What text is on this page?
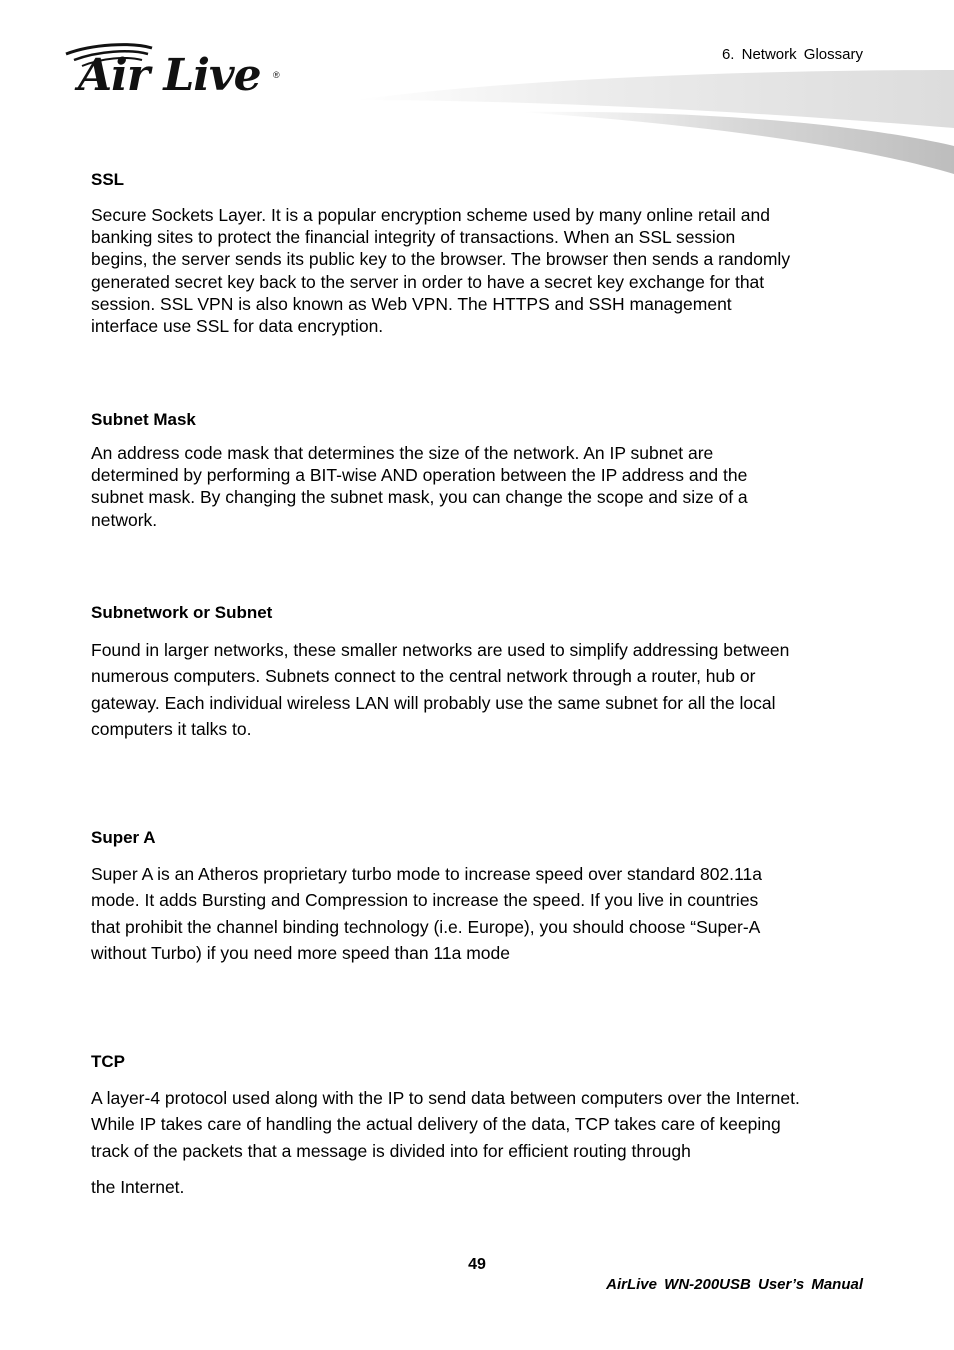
Air Live ®
6. Network Glossary
SSL

Secure Sockets Layer. It is a popular encryption scheme used by many online retail and
banking sites to protect the financial integrity of transactions. When an SSL session
begins, the server sends its public key to the browser. The browser then sends a randomly
generated secret key back to the server in order to have a secret key exchange for that
session. SSL VPN is also known as Web VPN. The HTTPS and SSH management
interface use SSL for data encryption.

Subnet Mask

An address code mask that determines the size of the network. An IP subnet are
determined by performing a BIT-wise AND operation between the IP address and the
subnet mask. By changing the subnet mask, you can change the scope and size of a
network.

Subnetwork or Subnet

Found in larger networks, these smaller networks are used to simplify addressing between
numerous computers. Subnets connect to the central network through a router, hub or
gateway. Each individual wireless LAN will probably use the same subnet for all the local
computers it talks to.

Super A

Super A is an Atheros proprietary turbo mode to increase speed over standard 802.11a
mode. It adds Bursting and Compression to increase the speed. If you live in countries
that prohibit the channel binding technology (i.e. Europe), you should choose “Super-A
without Turbo) if you need more speed than 11a mode

TCP

A layer-4 protocol used along with the IP to send data between computers over the Internet.
While IP takes care of handling the actual delivery of the data, TCP takes care of keeping
track of the packets that a message is divided into for efficient routing through

the Internet.

49
AirLive WN-200USB User’s Manual
